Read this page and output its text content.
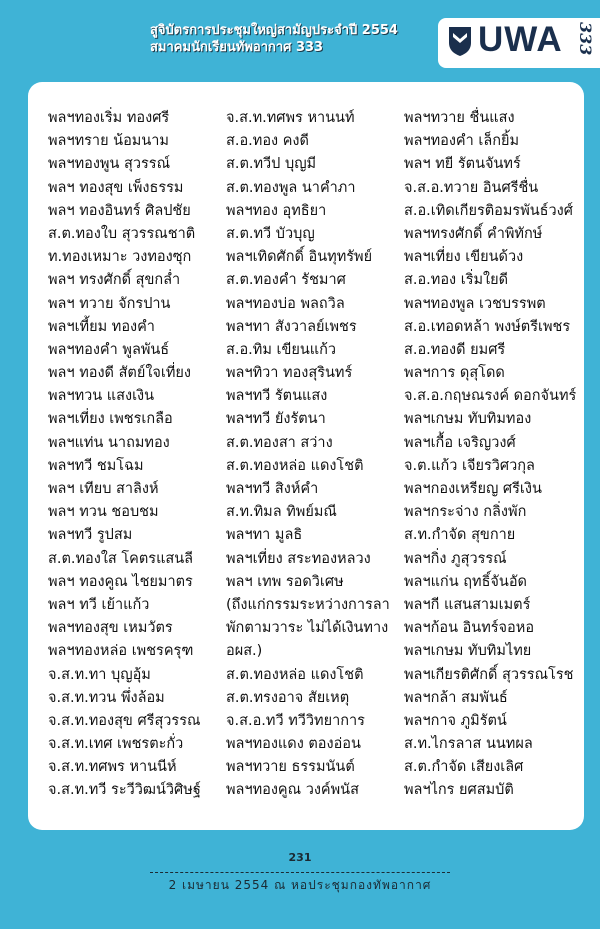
สูจิบัตรการประชุมใหญ่สามัญประจำปี 2554
สมาคมนักเรียนทัพอากาศ 333	UWA 333
พลฯทองเริ่ม ทองศรี
พลฯทราย น้อมนาม
พลฯทองพูน สุวรรณ์
พลฯ ทองสุข เพ็งธรรม
พลฯ ทองอินทร์ ศิลปชัย
ส.ต.ทองใบ สุวรรณชาติ
ท.ทองเหมาะ วงทองซุก
พลฯ ทรงศักดิ์ สุขกล่ำ
พลฯ ทวาย จักรปาน
พลฯเที้ยม ทองคำ
พลฯทองคำ พูลพันธ์
พลฯ ทองดี สัตย์ใจเที่ยง
พลฯทวน แสงเงิน
พลฯเที่ยง เพชรเกลือ
พลฯแท่น นาถมทอง
พลฯทวี ชมโฉม
พลฯ เทียบ สาลิงห์
พลฯ ทวน ชอบชม
พลฯทวี รูปสม
ส.ต.ทองใส โคตรแสนลี
พลฯ ทองคูณ ไชยมาตร
พลฯ ทวี เย้าแก้ว
พลฯทองสุข เหมวัตร
พลฯทองหล่อ เพชรครุฑ
จ.ส.ท.ทา บุญอุ้ม
จ.ส.ท.ทวน พึ่งล้อม
จ.ส.ท.ทองสุข ศรีสุวรรณ
จ.ส.ท.เทศ เพชรตะกั่ว
จ.ส.ท.ทศพร หานนีห์
จ.ส.ท.ทวี ระวีวิฒน์วิศิษฐ์
จ.ส.ท.ทศพร หานนท์
ส.อ.ทอง คงดี
ส.ต.ทวีป บุญมี
ส.ต.ทองพูล นาคำภา
พลฯทอง อุทธิยา
ส.ต.ทวี บัวบุญ
พลฯเทิดศักดิ์ อินทุทรัพย์
ส.ต.ทองคำ รัชมาศ
พลฯทองบ่อ พลถวิล
พลฯทา สังวาลย์เพชร
ส.อ.ทิม เขียนแก้ว
พลฯทิวา ทองสุรินทร์
พลฯทวี รัตนแสง
พลฯทวี ยังรัตนา
ส.ต.ทองสา สว่าง
ส.ต.ทองหล่อ แดงโชติ
พลฯทวี สิงห์คำ
ส.ท.ทิมล ทิพย์มณี
พลฯทา มูลธิ
พลฯเที่ยง สระทองหลวง
พลฯ เทพ รอดวิเศษ
(ถึงแก่กรรมระหว่างการลา
พักตามวาระ ไม่ได้เงินทาง
อผส.)
ส.ต.ทองหล่อ แดงโชติ
ส.ต.ทรงอาจ สัยเหตุ
จ.ส.อ.ทวี ทวีวิทยาการ
พลฯทองแดง ตองอ่อน
พลฯทวาย ธรรมนันต์
พลฯทองคูณ วงค์พนัส
พลฯทวาย ชื่นแสง
พลฯทองคำ เล็กยิ้ม
พลฯ ทยี รัตนจันทร์
จ.ส.อ.ทวาย อินศรีชื่น
ส.อ.เทิดเกียรติอมรพันธ์วงศ์
พลฯทรงศักดิ์ คำพิทักษ์
พลฯเที่ยง เขียนด้วง
ส.อ.ทอง เริ่มใยดี
พลฯทองพูล เวชบรรพต
ส.อ.เทอดหล้า พงษ์ตรีเพชร
ส.อ.ทองดี ยมศรี
พลฯการ ดุสุโดด
จ.ส.อ.กฤษณรงค์ ดอกจันทร์
พลฯเกษม ทับทิมทอง
พลฯเกื้อ เจริญวงศ์
จ.ต.แก้ว เจียรวิศวกุล
พลฯกองเหรียญ ศรีเงิน
พลฯกระจ่าง กลิ่งพัก
ส.ท.กำจัด สุขกาย
พลฯกิ่ง ภูสุวรรณ์
พลฯแก่น ฤทธิ์จันอัด
พลฯกี แสนสามเมตร์
พลฯก้อน อินทร์จอหอ
พลฯเกษม ทับทิมไทย
พลฯเกียรติศักดิ์ สุวรรณโรช
พลฯกล้า สมพันธ์
พลฯกาจ ภูมิรัตน์
ส.ท.ไกรลาส นนทผล
ส.ต.กำจัด เสียงเลิศ
พลฯไกร ยศสมบัติ
231
2 เมษายน 2554 ณ หอประชุมกองทัพอากาศ
